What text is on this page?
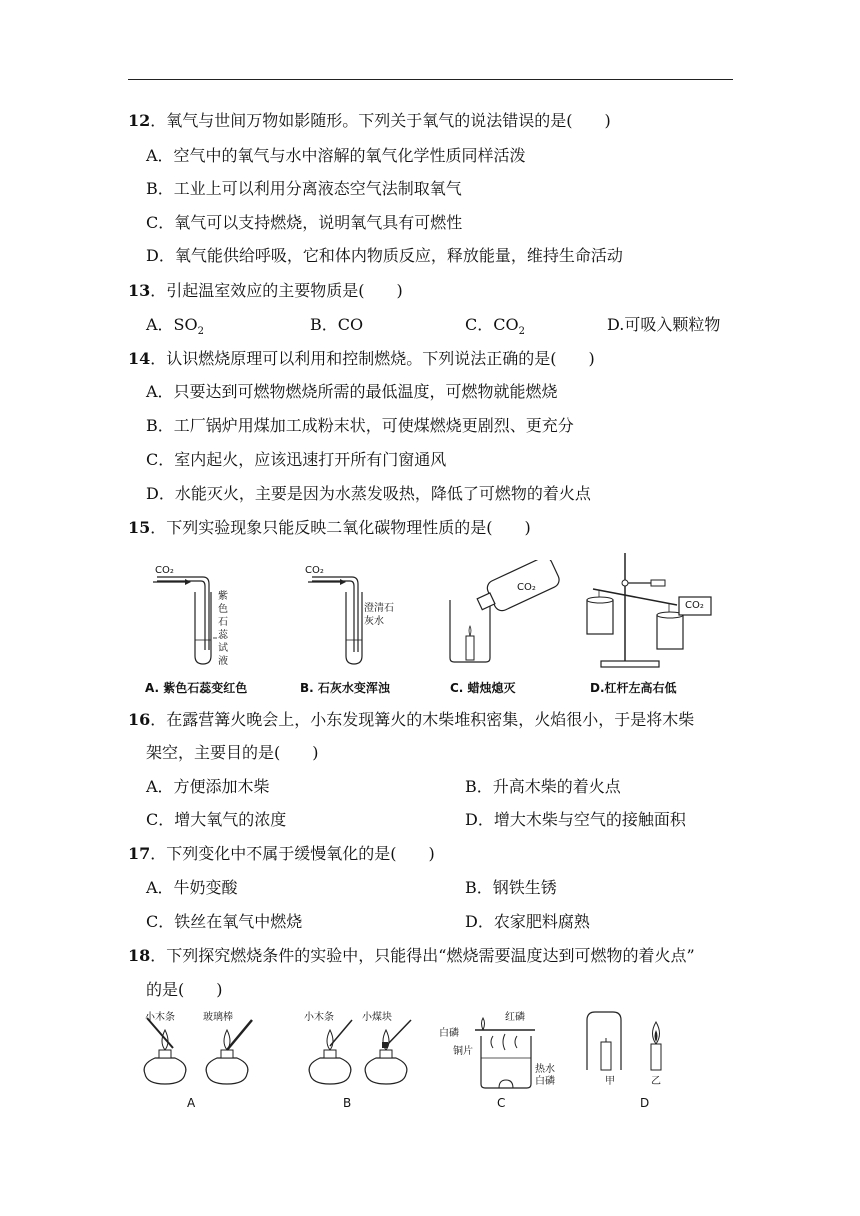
12．氧气与世间万物如影随形。下列关于氧气的说法错误的是(　　)
A．空气中的氧气与水中溶解的氧气化学性质同样活泼
B．工业上可以利用分离液态空气法制取氧气
C．氧气可以支持燃烧，说明氧气具有可燃性
D．氧气能供给呼吸，它和体内物质反应，释放能量，维持生命活动
13．引起温室效应的主要物质是(　　)
A．$SO_2$	B．CO	C．$CO_2$	D.可吸入颗粒物
14．认识燃烧原理可以利用和控制燃烧。下列说法正确的是(　　)
A．只要达到可燃物燃烧所需的最低温度，可燃物就能燃烧
B．工厂锅炉用煤加工成粉末状，可使煤燃烧更剧烈、更充分
C．室内起火，应该迅速打开所有门窗通风
D．水能灭火，主要是因为水蒸发吸热，降低了可燃物的着火点
15．下列实验现象只能反映二氧化碳物理性质的是(　　)
CO₂
紫色石蕊试液
A. 紫色石蕊变红色
CO₂
澄清石灰水
B. 石灰水变浑浊
CO₂
C. 蜡烛熄灭
CO₂
D.杠杆左高右低
16．在露营篝火晚会上，小东发现篝火的木柴堆积密集，火焰很小，于是将木柴
架空，主要目的是(　　)
A．方便添加木柴	B．升高木柴的着火点
C．增大氧气的浓度	D．增大木柴与空气的接触面积
17．下列变化中不属于缓慢氧化的是(　　)
A．牛奶变酸	B．钢铁生锈
C．铁丝在氧气中燃烧	D．农家肥料腐熟
18．下列探究燃烧条件的实验中，只能得出“燃烧需要温度达到可燃物的着火点”
的是(　　)
小木条	玻璃棒
A
小木条	小煤块
B
红磷
白磷
铜片
热水
白磷
C
甲	乙
D
